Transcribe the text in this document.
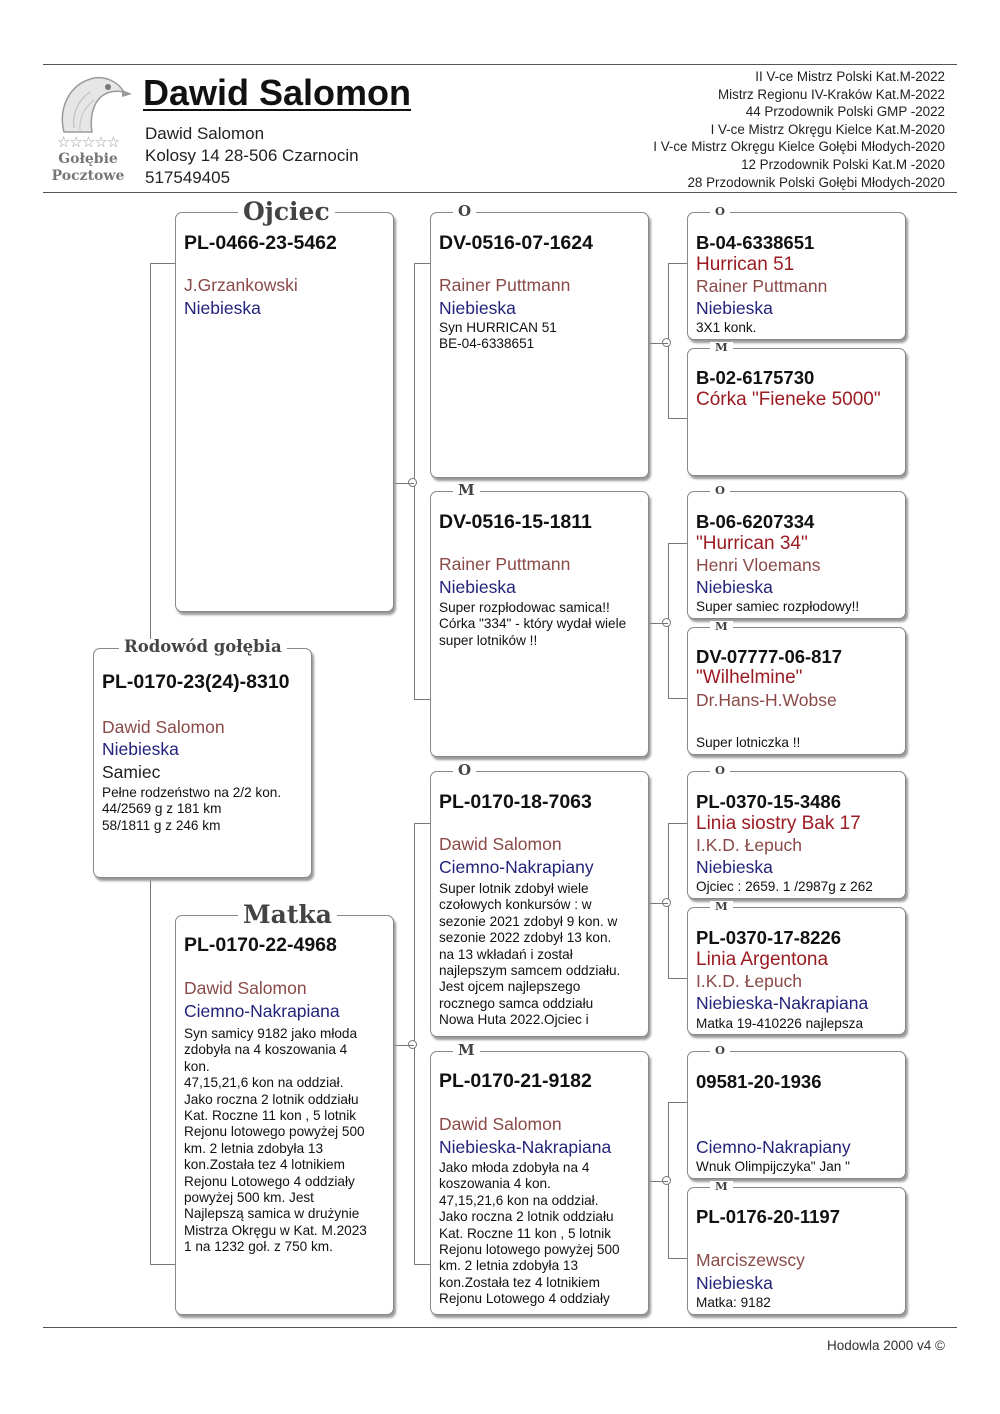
☆☆☆☆☆
Gołębie
Pocztowe
Dawid Salomon
Dawid Salomon
Kolosy 14 28-506 Czarnocin
517549405
II V-ce Mistrz Polski Kat.M-2022
Mistrz Regionu IV-Kraków Kat.M-2022
44 Przodownik Polski GMP -2022
I V-ce Mistrz Okręgu Kielce Kat.M-2020
I V-ce Mistrz Okręgu Kielce Gołębi Młodych-2020
12 Przodownik Polski Kat.M -2020
28 Przodownik Polski Gołębi Młodych-2020
Rodowód gołębia
PL-0170-23(24)-8310
Dawid Salomon
Niebieska
Samiec
Pełne rodzeństwo na 2/2 kon.
44/2569 g z 181 km
58/1811 g z 246 km
Ojciec
PL-0466-23-5462
J.Grzankowski
Niebieska
Matka
PL-0170-22-4968
Dawid Salomon
Ciemno-Nakrapiana
Syn samicy 9182 jako młoda
zdobyła na 4 koszowania 4
kon.
47,15,21,6 kon na oddział.
Jako roczna 2 lotnik oddziału
Kat. Roczne 11 kon , 5 lotnik
Rejonu lotowego powyżej 500
km. 2 letnia zdobyła 13
kon.Została tez 4 lotnikiem
Rejonu Lotowego 4 oddziały
powyżej 500 km. Jest
Najlepszą samica w drużynie
Mistrza Okręgu w Kat. M.2023
1 na 1232 goł. z 750 km.
O
DV-0516-07-1624
Rainer Puttmann
Niebieska
Syn HURRICAN 51
BE-04-6338651
M
DV-0516-15-1811
Rainer Puttmann
Niebieska
Super rozpłodowac samica!!
Córka "334" - który wydał wiele
super lotników !!
O
PL-0170-18-7063
Dawid Salomon
Ciemno-Nakrapiany
Super lotnik zdobył wiele
czołowych konkursów : w
sezonie 2021 zdobył 9 kon. w
sezonie 2022 zdobył 13 kon.
na 13 wkładań i został
najlepszym samcem oddziału.
Jest ojcem najlepszego
rocznego samca oddziału
Nowa Huta 2022.Ojciec i
M
PL-0170-21-9182
Dawid Salomon
Niebieska-Nakrapiana
Jako młoda zdobyła na 4
koszowania 4 kon.
47,15,21,6 kon na oddział.
Jako roczna 2 lotnik oddziału
Kat. Roczne 11 kon , 5 lotnik
Rejonu lotowego powyżej 500
km. 2 letnia zdobyła 13
kon.Została tez 4 lotnikiem
Rejonu Lotowego 4 oddziały
O
B-04-6338651
Hurrican 51
Rainer Puttmann
Niebieska
3X1 konk.
M
B-02-6175730
Córka "Fieneke 5000"
O
B-06-6207334
"Hurrican 34"
Henri Vloemans
Niebieska
Super samiec rozpłodowy!!
M
DV-07777-06-817
"Wilhelmine"
Dr.Hans-H.Wobse
Super lotniczka !!
O
PL-0370-15-3486
Linia siostry Bak 17
I.K.D. Łepuch
Niebieska
Ojciec : 2659. 1 /2987g z 262
M
PL-0370-17-8226
Linia Argentona
I.K.D. Łepuch
Niebieska-Nakrapiana
Matka 19-410226 najlepsza
O
09581-20-1936
Ciemno-Nakrapiany
Wnuk Olimpijczyka" Jan "
M
PL-0176-20-1197
Marciszewscy
Niebieska
Matka: 9182
Hodowla 2000 v4 ©
